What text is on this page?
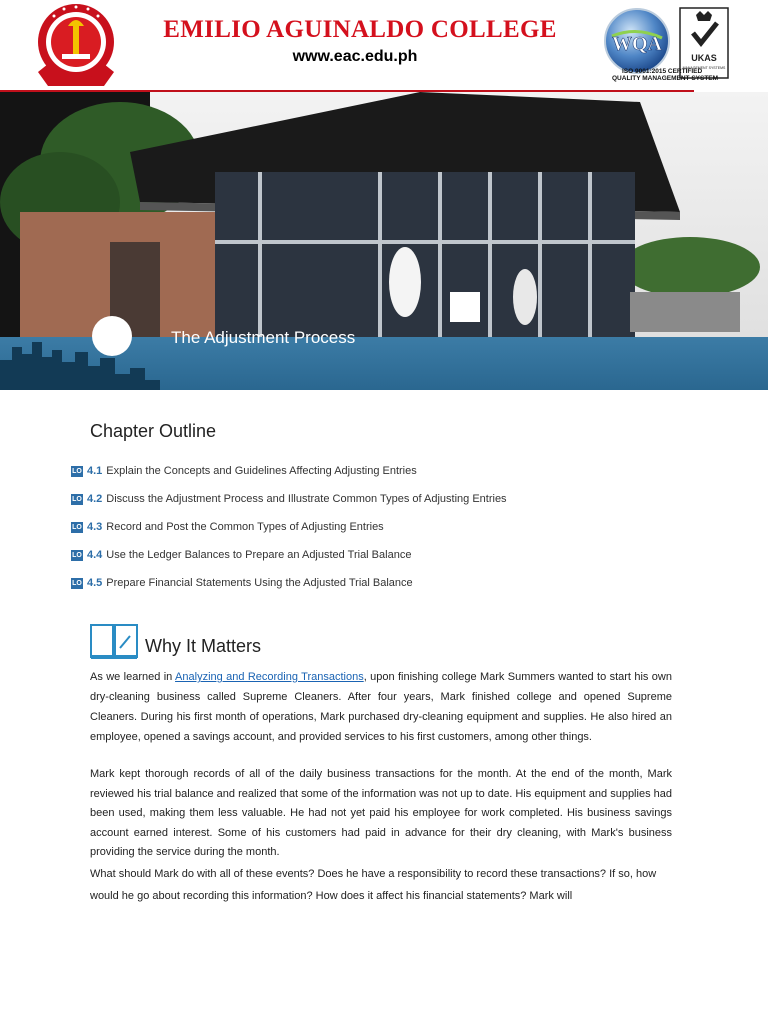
EMILIO AGUINALDO COLLEGE
www.eac.edu.ph
WQA
UKAS
MANAGEMENT SYSTEMS
ISO 9001:2015 CERTIFIED
QUALITY MANAGEMENT SYSTEM
The Adjustment Process
Chapter Outline
LO 4.1 Explain the Concepts and Guidelines Affecting Adjusting Entries
LO 4.2 Discuss the Adjustment Process and Illustrate Common Types of Adjusting Entries
LO 4.3 Record and Post the Common Types of Adjusting Entries
LO 4.4 Use the Ledger Balances to Prepare an Adjusted Trial Balance
LO 4.5 Prepare Financial Statements Using the Adjusted Trial Balance
Why It Matters

As we learned in Analyzing and Recording Transactions, upon finishing college Mark Summers wanted to start his own dry-cleaning business called Supreme Cleaners. After four years, Mark finished college and opened Supreme Cleaners. During his first month of operations, Mark purchased dry-cleaning equipment and supplies. He also hired an employee, opened a savings account, and provided services to his first customers, among other things.

Mark kept thorough records of all of the daily business transactions for the month. At the end of the month, Mark reviewed his trial balance and realized that some of the information was not up to date. His equipment and supplies had been used, making them less valuable. He had not yet paid his employee for work completed. His business savings account earned interest. Some of his customers had paid in advance for their dry cleaning, with Mark's business providing the service during the month.

What should Mark do with all of these events? Does he have a responsibility to record these transactions? If so, how would he go about recording this information? How does it affect his financial statements? Mark will
